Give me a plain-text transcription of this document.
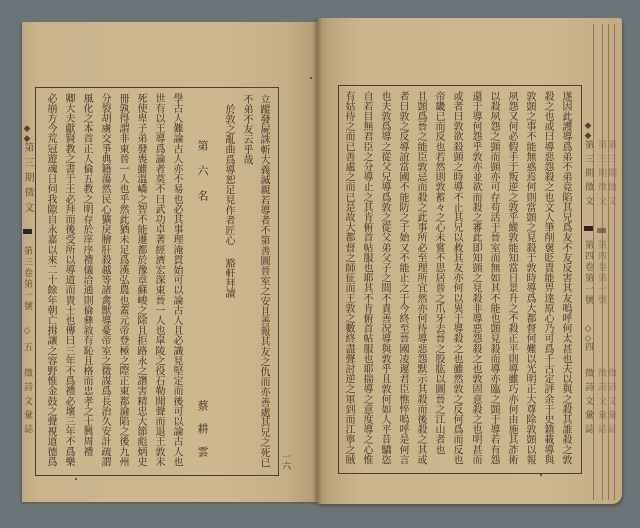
◆◆
第三期徵文
第三卷第一號
◇
五
徵詩文彙誌	立蹤發屍誅斬大義滅親若導者不第善圖晉室之安且善報其友之仇而亦善處其兄之死已
不弟不友云乎哉
於敦之亂曲爲導恕足見作者匠心
豁軒拜讀
第六名
蔡耕雲
學古人難論古人亦不易也必其事理淹貫始可以論古人且必識見堅定而後可以論古人也
世有以王導爲論者莫不曰武功卓著經濟宏深東晉一人也皐陵之役石勒聞聲而退王敦未
死使卑子弟發喪雖溫嶠之智不能遷都於豫章蘇峻之除且拒路永之譖害精忠大節彪炳史
冊孰得謂非東晉一人也乎然此猶未足爲漢弘農也蓋元帝登極之際正東都淪陷之後九州
分裂胡虜交爭典籍蕩然民心獷戾膾肝殺越等諸禽獸導憂帝室之微謀爲長治久安計疏謂
風化之本首正人倫五教之明存於庠序禮儀洽通則倫彝敘有恥且格而忠孝之士興周禮
卿大夫獻賢教之書于王必拜而後受所以導道而貴士也傳曰三年不爲禮必壞三年不爲樂
必崩方今荒冠遊魂日伺我隙自永嘉以來二十餘年朝亡揖讓之容野惟金鼓之聲視道德爲	一六	遂因此護導爲弟不弟竟陷其兄爲友不友反害其友嗚呼何太甚也夫以與之殺其誰殺之敦
殺之也或曰導惡怨殺之也文人筆削褒貶貴能畀達原心乃可爲千古定評余于史籍載導與
敦顗之事不能無惑焉何則當顗之見殺于敦時導爲大都督何難以光明正大尊除敦顗以報
夙怨又何必假手于叛逆之敦乎縱敦能知當日景升之不殺正平則導雖巧亦何由施其詐術
以殺夙怨之顗而顗亦可存苟活于晉室而無如其不能也顗見殺而導亦臨之顗于導若有怨
還于導何怨乎敦亦並欲而殺之審此即知顗之見殺非導惡怨殺之也敦固意殺之也明甚而
或者曰敦欲殺顗之時導不止其兄以救其友亦何以異于導殺之也雖然敦之反何爲而反也
帝畿已而反也若然則敦蓄々之心未嘗不思居晉之爪牙去晉之股肱以圖晉之江山者也
且顗爲晉之能臣敦忌而殺之此事所必至理所宜然亦何待導惡怨默示其殺而後殺之其或
者曰敦之反導誼當國不能防之于始又不能止之于今終至晉國凌遲君臣憔悴嗚呼是何言
也夫敦爲導之從父兄導爲敦之從父弟父子之間不責善况導與敦乎且敦何如人平昔驕恣
自若目無君臣之分導止之其肯俯首帖服也耶其不肯俯首帖服也耶揣導之意度導之心惟
有姑待之而已善處之而已是故大都督之師征而王敦之數終盡聲討逆之軍到而江寧之賊	◆◆
第三期徵文
第四卷第一號
◇◇
四
徵詩文彙誌
第三期徵文
第四卷第一號
徵詩文彙誌
第三期徵文
徵詩文彙誌
